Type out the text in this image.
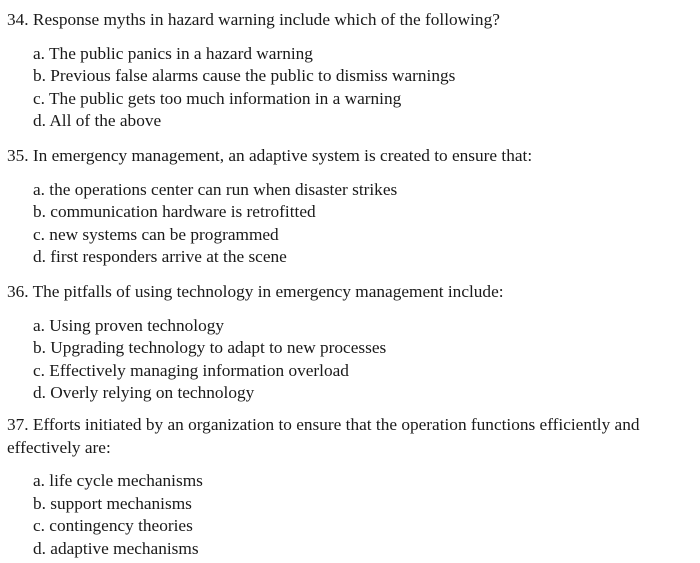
34. Response myths in hazard warning include which of the following?

a. The public panics in a hazard warning
b. Previous false alarms cause the public to dismiss warnings
c. The public gets too much information in a warning
d. All of the above

35. In emergency management, an adaptive system is created to ensure that:

a. the operations center can run when disaster strikes
b. communication hardware is retrofitted
c. new systems can be programmed
d. first responders arrive at the scene

36. The pitfalls of using technology in emergency management include:

a. Using proven technology
b. Upgrading technology to adapt to new processes
c. Effectively managing information overload
d. Overly relying on technology

37. Efforts initiated by an organization to ensure that the operation functions efficiently and effectively are:

a. life cycle mechanisms
b. support mechanisms
c. contingency theories
d. adaptive mechanisms
